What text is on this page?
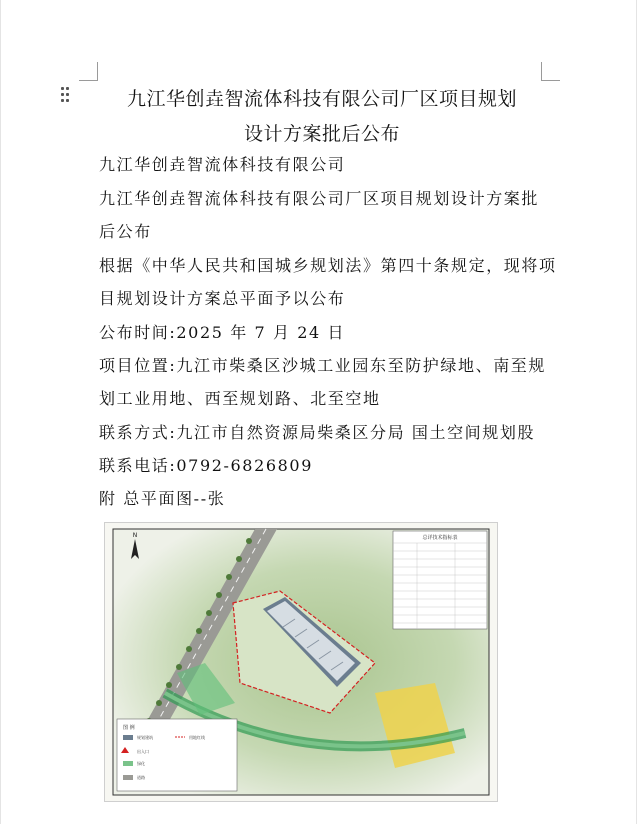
九江华创垚智流体科技有限公司厂区项目规划
设计方案批后公布
九江华创垚智流体科技有限公司
九江华创垚智流体科技有限公司厂区项目规划设计方案批
后公布
根据《中华人民共和国城乡规划法》第四十条规定，现将项
目规划设计方案总平面予以公布
公布时间:2025 年 7 月 24 日
项目位置:九江市柴桑区沙城工业园东至防护绿地、南至规
划工业用地、西至规划路、北至空地
联系方式:九江市自然资源局柴桑区分局 国土空间规划股
联系电话:0792-6826809
附 总平面图--张
总详技术指标表
N
图 例
规划建筑	用地红线
出入口
绿化
道路
